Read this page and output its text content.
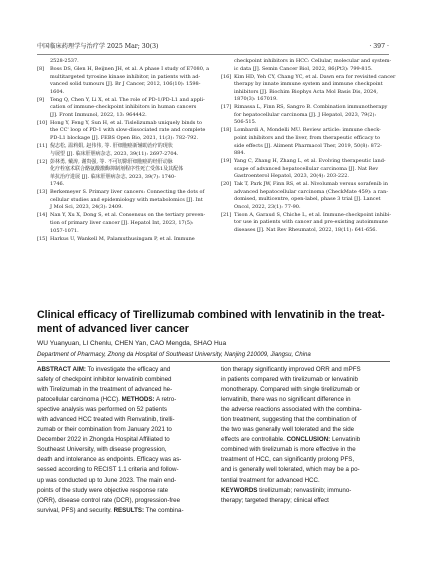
中国临床药理学与治疗学 2025 Mar; 30(3)	· 397 ·
2528-2537.
[8]	Boss DS, Glen H, Beijnen JH, et al. A phase I study of E7080, a
multitargeted tyrosine kinase inhibitor, in patients with ad-
vanced solid tumours [J]. Br J Cancer, 2012, 106(10): 1598-
1604.
[9]	Teng Q, Chen Y, Li X, et al. The role of PD-1/PD-L1 and appli-
cation of immune-checkpoint inhibitors in human cancers
[J]. Front Immunol, 2022, 13: 964442.
[10] Hong Y, Feng Y, Sun H, et al. Tislelizumab uniquely binds to
the CC' loop of PD-1 with slow-dissociated rate and complete
PD-L1 blockage [J]. FEBS Open Bio, 2021, 11(3): 782-792.
[11] 倪志松, 温莉娟, 赵伟伟, 等. 肝细胞癌新辅助治疗的现状
与展望 [J]. 临床肝胆病杂志, 2023, 39(11): 2697-2704.
[12] 彭林勇, 戴涛, 谢贵强, 等. 不可切除肝细胞癌的经肝动脉
化疗栓塞术联合酪氨酸激酶抑制剂程序性死亡受体1及其配体
单抗治疗进展 [J]. 临床肝胆病杂志, 2023, 39(7): 1740-
1746.
[13] Berkemeyer S. Primary liver cancers: Connecting the dots of
cellular studies and epidemiology with metabolomics [J]. Int
J Mol Sci, 2023, 24(3): 2409.
[14] Nan Y, Xu X, Dong S, et al. Consensus on the tertiary preven-
tion of primary liver cancer [J]. Hepatol Int, 2023, 17(5):
1057-1071.
[15] Harkus U, Wankell M, Palamuthusingam P, et al. Immune
checkpoint inhibitors in HCC: Cellular, molecular and system-
ic data [J]. Semin Cancer Biol, 2022, 86(Pt3): 799-815.
[16] Kim HD, Yeh CY, Chang YC, et al. Dawn era for revisited cancer
therapy by innate immune system and immune checkpoint
inhibitors [J]. Biochim Biophys Acta Mol Basis Dis, 2024,
1870(3): 167019.
[17] Rimassa L, Finn RS, Sangro B. Combination immunotherapy
for hepatocellular carcinoma [J]. J Hepatol, 2023, 79(2):
506-515.
[18] Lombardi A, Mondelli MU. Review article: immune check-
point inhibitors and the liver, from therapeutic efficacy to
side effects [J]. Aliment Pharmacol Ther, 2019, 50(8): 872-
884.
[19] Yang C, Zhang H, Zhang L, et al. Evolving therapeutic land-
scape of advanced hepatocellular carcinoma [J]. Nat Rev
Gastroenterol Hepatol, 2023, 20(4): 203-222.
[20] Tak T, Park JW, Finn RS, et al. Nivolumab versus sorafenib in
advanced hepatocellular carcinoma (CheckMate 459): a ran-
domised, multicentre, open-label, phase 3 trial [J]. Lancet
Oncol, 2022, 23(1): 77-90.
[21] Tison A, Garaud S, Chiche L, et al. Immune-checkpoint inhibi-
tor use in patients with cancer and pre-existing autoimmune
diseases [J]. Nat Rev Rheumatol, 2022, 18(11): 641-656.
Clinical efficacy of Tirellizumab combined with lenvatinib in the treat-
ment of advanced liver cancer
WU Yuanyuan, LI Chenlu, CHEN Yan, CAO Mengda, SHAO Hua
Department of Pharmacy, Zhong da Hospital of Southeast University, Nanjing 210009, Jiangsu, China
ABSTRACT AIM: To investigate the efficacy and
safety of checkpoint inhibitor lenvatinib combined
with Tirelizumab in the treatment of advanced he-
patocellular carcinoma (HCC). METHODS: A retro-
spective analysis was performed on 52 patients
with advanced HCC treated with Renvatinib, tirelli-
zumab or their combination from January 2021 to
December 2022 in Zhongda Hospital Affiliated to
Southeast University, with disease progression,
death and intolerance as endpoints. Efficacy was as-
sessed according to RECIST 1.1 criteria and follow-
up was conducted up to June 2023. The main end-
points of the study were objective response rate
(ORR), disease control rate (DCR), progression-free
survival, PFS) and security. RESULTS: The combina-
tion therapy significantly improved ORR and mPFS
in patients compared with tirelizumab or lenvatinib
monotherapy. Compared with single tirellizumab or
lenvatinib, there was no significant difference in
the adverse reactions associated with the combina-
tion treatment, suggesting that the combination of
the two was generally well tolerated and the side
effects are controllable. CONCLUSION: Lenvatinib
combined with tirelizumab is more effective in the
treatment of HCC, can significantly prolong PFS,
and is generally well tolerated, which may be a po-
tential treatment for advanced HCC.
KEYWORDS tirellizumab; renvastinib; immuno-
therapy; targeted therapy; clinical effect
